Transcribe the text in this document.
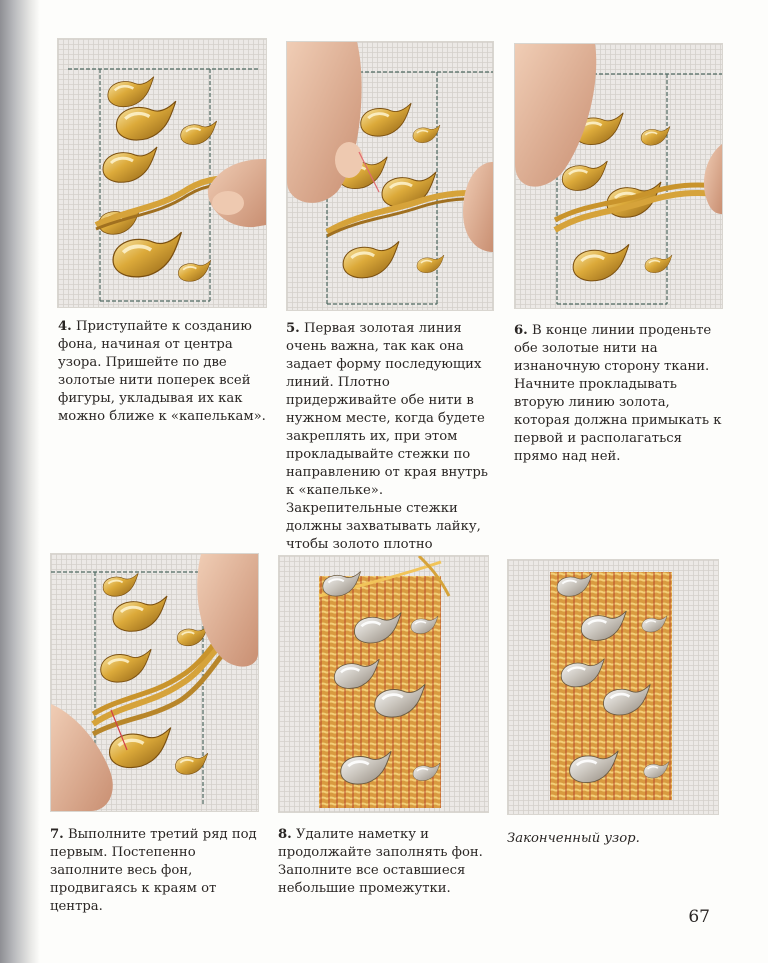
4. Приступайте к созданию фона, начиная от центра узора. Пришейте по две золотые нити поперек всей фигуры, укладывая их как можно ближе к «капелькам».
5. Первая золотая линия очень важна, так как она задает форму последующих линий. Плотно придерживайте обе нити в нужном месте, когда будете закреплять их, при этом прокладывайте стежки по направлению от края внутрь к «капельке». Закрепительные стежки должны захватывать лайку, чтобы золото плотно
6. В конце линии проденьте обе золотые нити на изнаночную сторону ткани. Начните прокладывать вторую линию золота, которая должна примыкать к первой и располагаться прямо над ней.
7. Выполните третий ряд под первым. Постепенно заполните весь фон, продвигаясь к краям от центра.
8. Удалите наметку и продолжайте заполнять фон. Заполните все оставшиеся небольшие промежутки.
Законченный узор.
67
